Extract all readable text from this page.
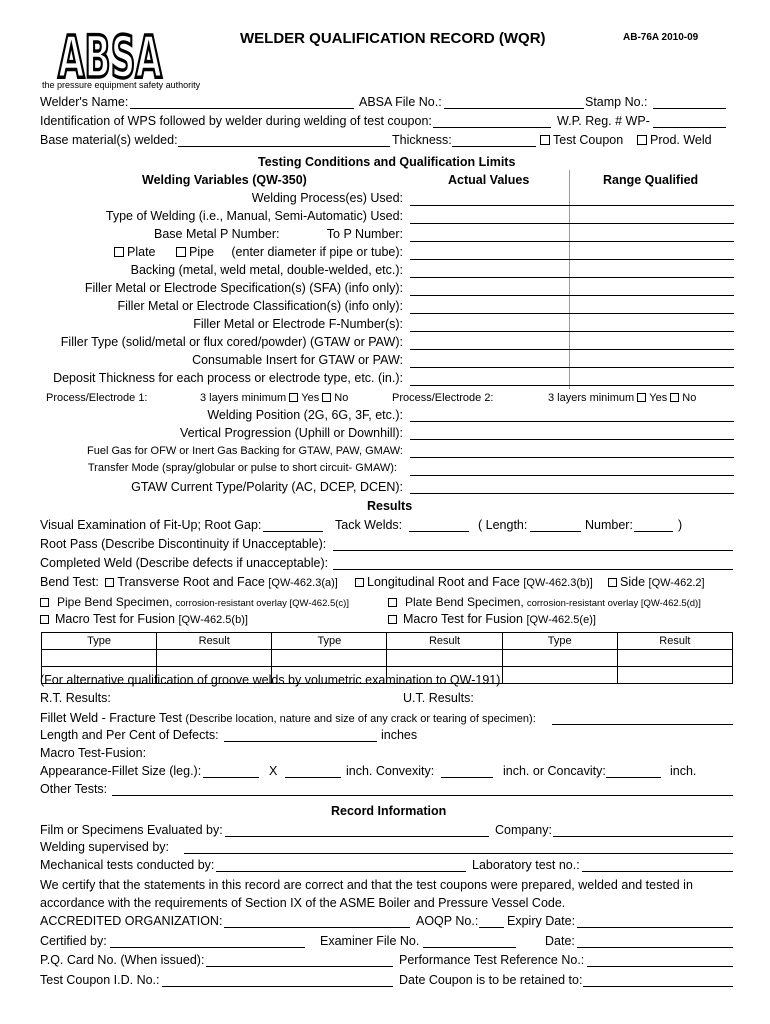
ABSA
the pressure equipment safety authority
WELDER QUALIFICATION RECORD (WQR)	AB-76A 2010-09
Welder's Name:	ABSA File No.:	Stamp No.:
Identification of WPS followed by welder during welding of test coupon:	W.P. Reg. # WP-
Base material(s) welded:	Thickness:	Test Coupon	Prod. Weld
Testing Conditions and Qualification Limits
Welding Variables (QW-350)	Actual Values	Range Qualified
Welding Process(es) Used:
Type of Welding (i.e., Manual, Semi-Automatic) Used:
Base Metal P Number:	To P Number:
Plate	Pipe (enter diameter if pipe or tube):
Backing (metal, weld metal, double-welded, etc.):
Filler Metal or Electrode Specification(s) (SFA) (info only):
Filler Metal or Electrode Classification(s) (info only):
Filler Metal or Electrode F-Number(s):
Filler Type (solid/metal or flux cored/powder) (GTAW or PAW):
Consumable Insert for GTAW or PAW:
Deposit Thickness for each process or electrode type, etc. (in.):
Process/Electrode 1:	3 layers minimum Yes No	Process/Electrode 2:	3 layers minimum Yes No
Welding Position (2G, 6G, 3F, etc.):
Vertical Progression (Uphill or Downhill):
Fuel Gas for OFW or Inert Gas Backing for GTAW, PAW, GMAW:
Transfer Mode (spray/globular or pulse to short circuit- GMAW):
GTAW Current Type/Polarity (AC, DCEP, DCEN):
Results
Visual Examination of Fit-Up; Root Gap:	Tack Welds:	( Length:	Number:	)
Root Pass (Describe Discontinuity if Unacceptable):
Completed Weld (Describe defects if unacceptable):
Bend Test: Transverse Root and Face [QW-462.3(a)]	Longitudinal Root and Face [QW-462.3(b)]	Side [QW-462.2]
Pipe Bend Specimen, corrosion-resistant overlay [QW-462.5(c)]	Plate Bend Specimen, corrosion-resistant overlay [QW-462.5(d)]
Macro Test for Fusion [QW-462.5(b)]	Macro Test for Fusion [QW-462.5(e)]
Type	Result	Type	Result	Type	Result

(For alternative qualification of groove welds by volumetric examination to QW-191)
R.T. Results:	U.T. Results:
Fillet Weld - Fracture Test (Describe location, nature and size of any crack or tearing of specimen):
Length and Per Cent of Defects:	inches
Macro Test-Fusion:
Appearance-Fillet Size (leg.):	X	inch. Convexity:	inch. or Concavity:	inch.
Other Tests:
Record Information
Film or Specimens Evaluated by:	Company:
Welding supervised by:
Mechanical tests conducted by:	Laboratory test no.:
We certify that the statements in this record are correct and that the test coupons were prepared, welded and tested in
accordance with the requirements of Section IX of the ASME Boiler and Pressure Vessel Code.
ACCREDITED ORGANIZATION:	AOQP No.: Expiry Date:
Certified by:	Examiner File No.	Date:
P.Q. Card No. (When issued):	Performance Test Reference No.:
Test Coupon I.D. No.:	Date Coupon is to be retained to:
